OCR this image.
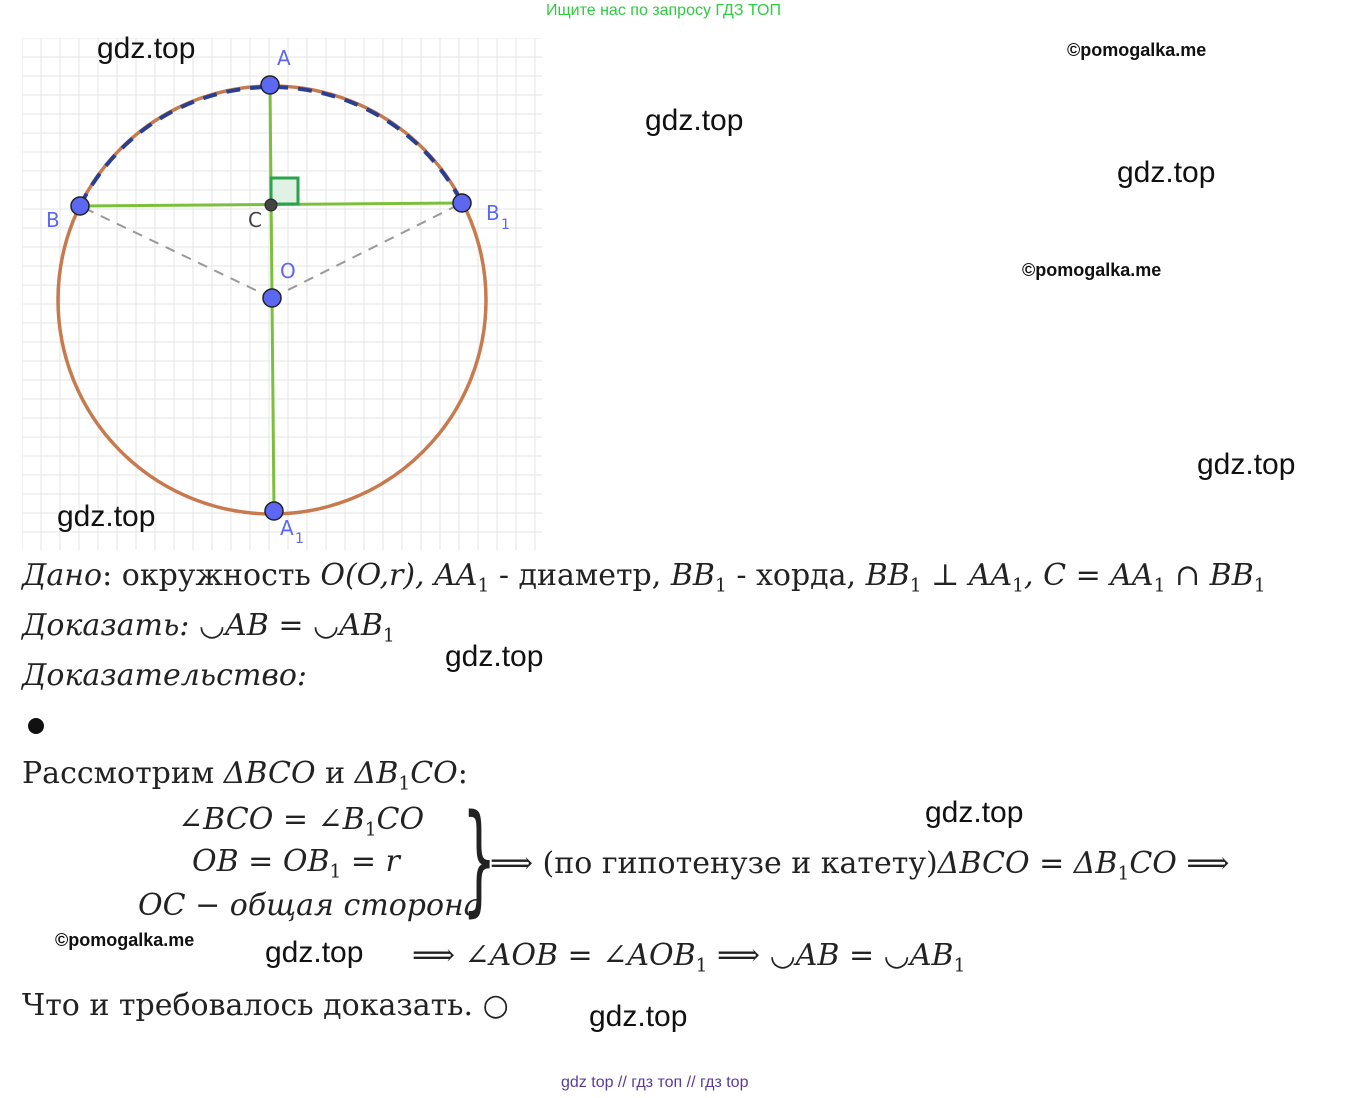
Ищите нас по запросу ГДЗ ТОП
A
B	B 1
C
O
A 1
gdz.top
gdz.top
gdz.top
gdz.top
gdz.top
gdz.top
gdz.top
gdz.top
gdz.top
©pomogalka.me
©pomogalka.me
©pomogalka.me
Дано: окружность O(O,r), $AA_1$ - диаметр, $BB_1$ - хорда, $BB_1$ ⊥ $AA_1$, $C = AA_1$ ∩ $BB_1$
Доказать: ◡AB = $◡AB_1$
Доказательство:
Рассмотрим ΔBCO и $\Delta B_1CO$:
∠BCO = $\angle B_1CO$
OB = $OB_1 = r$
OC − общая сторона
}
⟹ (по гипотенузе и катету)ΔBCO = $\Delta B_1CO$ ⟹
⟹ ∠AOB = $\angle AOB_1$ ⟹ ◡AB = $◡AB_1$
Что и требовалось доказать. ○
gdz top // гдз топ // гдз top
